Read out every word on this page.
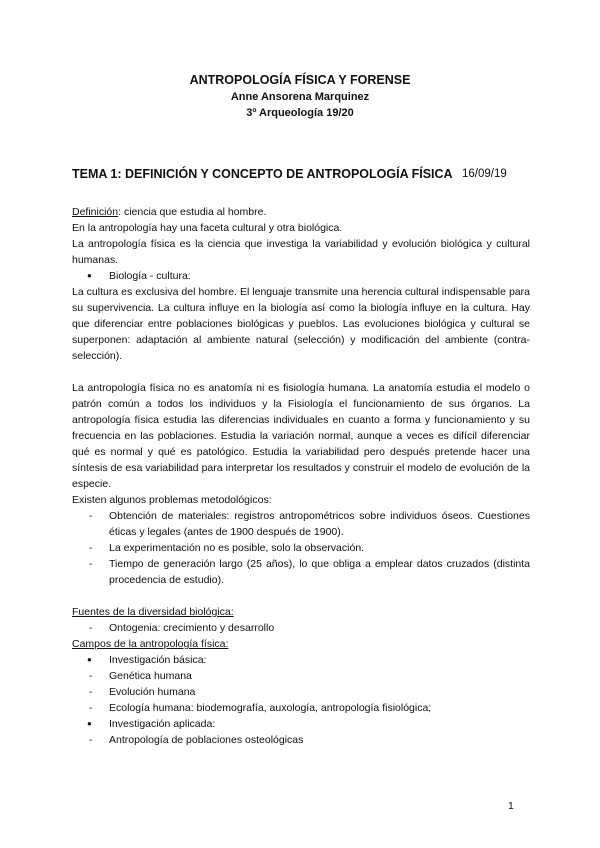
ANTROPOLOGÍA FÍSICA Y FORENSE
Anne Ansorena Marquinez
3º Arqueología 19/20
TEMA 1: DEFINICIÓN Y CONCEPTO DE ANTROPOLOGÍA FÍSICA 16/09/19

Definición: ciencia que estudia al hombre.

En la antropología hay una faceta cultural y otra biológica.

La antropología física es la ciencia que investiga la variabilidad y evolución biológica y cultural humanas.

● Biología - cultura:

La cultura es exclusiva del hombre. El lenguaje transmite una herencia cultural indispensable para su supervivencia. La cultura influye en la biología así como la biología influye en la cultura. Hay que diferenciar entre poblaciones biológicas y pueblos. Las evoluciones biológica y cultural se superponen: adaptación al ambiente natural (selección) y modificación del ambiente (contra-selección).

La antropología física no es anatomía ni es fisiología humana. La anatomía estudia el modelo o patrón común a todos los individuos y la Fisiología el funcionamiento de sus órganos. La antropología física estudia las diferencias individuales en cuanto a forma y funcionamiento y su frecuencia en las poblaciones. Estudia la variación normal, aunque a veces es difícil diferenciar qué es normal y qué es patológico. Estudia la variabilidad pero después pretende hacer una síntesis de esa variabilidad para interpretar los resultados y construir el modelo de evolución de la especie.

Existen algunos problemas metodológicos:

- Obtención de materiales: registros antropométricos sobre individuos óseos. Cuestiones éticas y legales (antes de 1900 después de 1900).
- La experimentación no es posible, solo la observación.
- Tiempo de generación largo (25 años), lo que obliga a emplear datos cruzados (distinta procedencia de estudio).

Fuentes de la diversidad biológica:

- Ontogenia: crecimiento y desarrollo

Campos de la antropología física:

● Investigación básica:
- Genética humana
- Evolución humana
- Ecología humana: biodemografía, auxología, antropología fisiológica;
● Investigación aplicada:
- Antropología de poblaciones osteológicas
1
